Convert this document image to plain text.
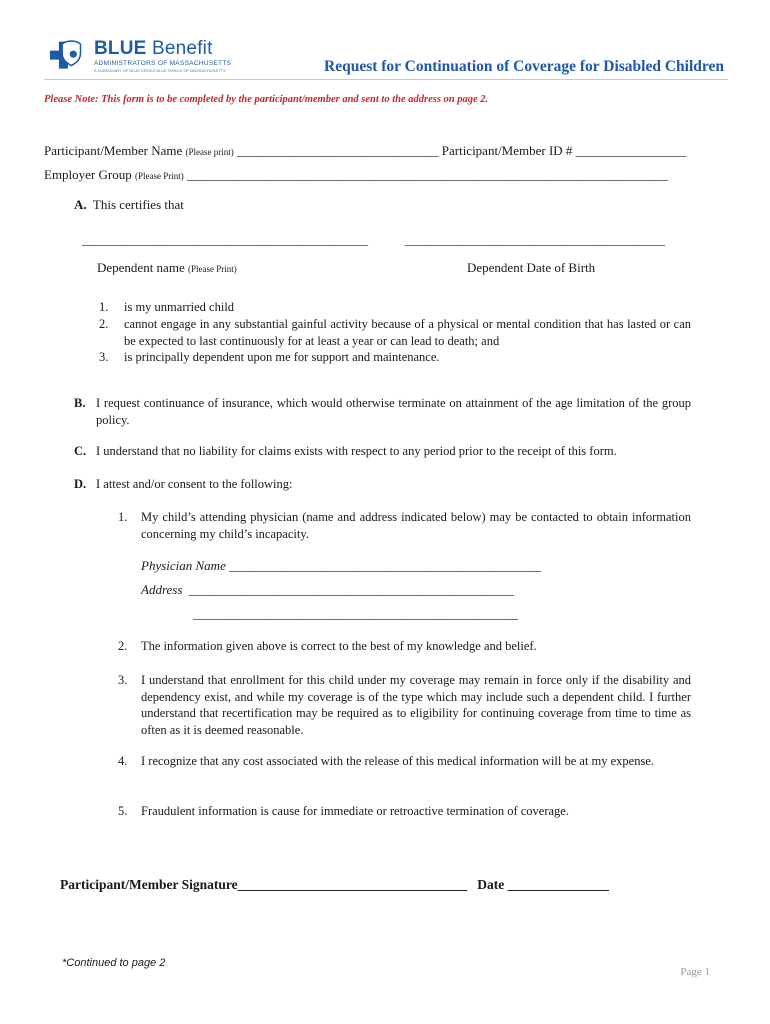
BLUE Benefit
ADMINISTRATORS OF MASSACHUSETTS
A SUBSIDIARY OF BLUE CROSS BLUE SHIELD OF MASSACHUSETTS	Request for Continuation of Coverage for Disabled Children
Please Note: This form is to be completed by the participant/member and sent to the address on page 2.
Participant/Member Name (Please print) _______________________________ Participant/Member ID # _________________
Employer Group (Please Print) __________________________________________________________________________
A. This certifies that
____________________________________________	________________________________________
Dependent name (Please Print)	Dependent Date of Birth
1.	is my unmarried child
2.	cannot engage in any substantial gainful activity because of a physical or mental condition that has lasted or can be expected to last continuously for at least a year or can lead to death; and
3.	is principally dependent upon me for support and maintenance.
B. I request continuance of insurance, which would otherwise terminate on attainment of the age limitation of the group policy.
C. I understand that no liability for claims exists with respect to any period prior to the receipt of this form.
D. I attest and/or consent to the following:
1.	My child’s attending physician (name and address indicated below) may be contacted to obtain information concerning my child’s incapacity.
Physician Name ________________________________________________
Address __________________________________________________
__________________________________________________
2.	The information given above is correct to the best of my knowledge and belief.
3.	I understand that enrollment for this child under my coverage may remain in force only if the disability and dependency exist, and while my coverage is of the type which may include such a dependent child. I further understand that recertification may be required as to eligibility for continuing coverage from time to time as often as it is deemed reasonable.
4.	I recognize that any cost associated with the release of this medical information will be at my expense.
5.	Fraudulent information is cause for immediate or retroactive termination of coverage.
Participant/Member Signature__________________________________ Date _______________
*Continued to page 2
Page 1
